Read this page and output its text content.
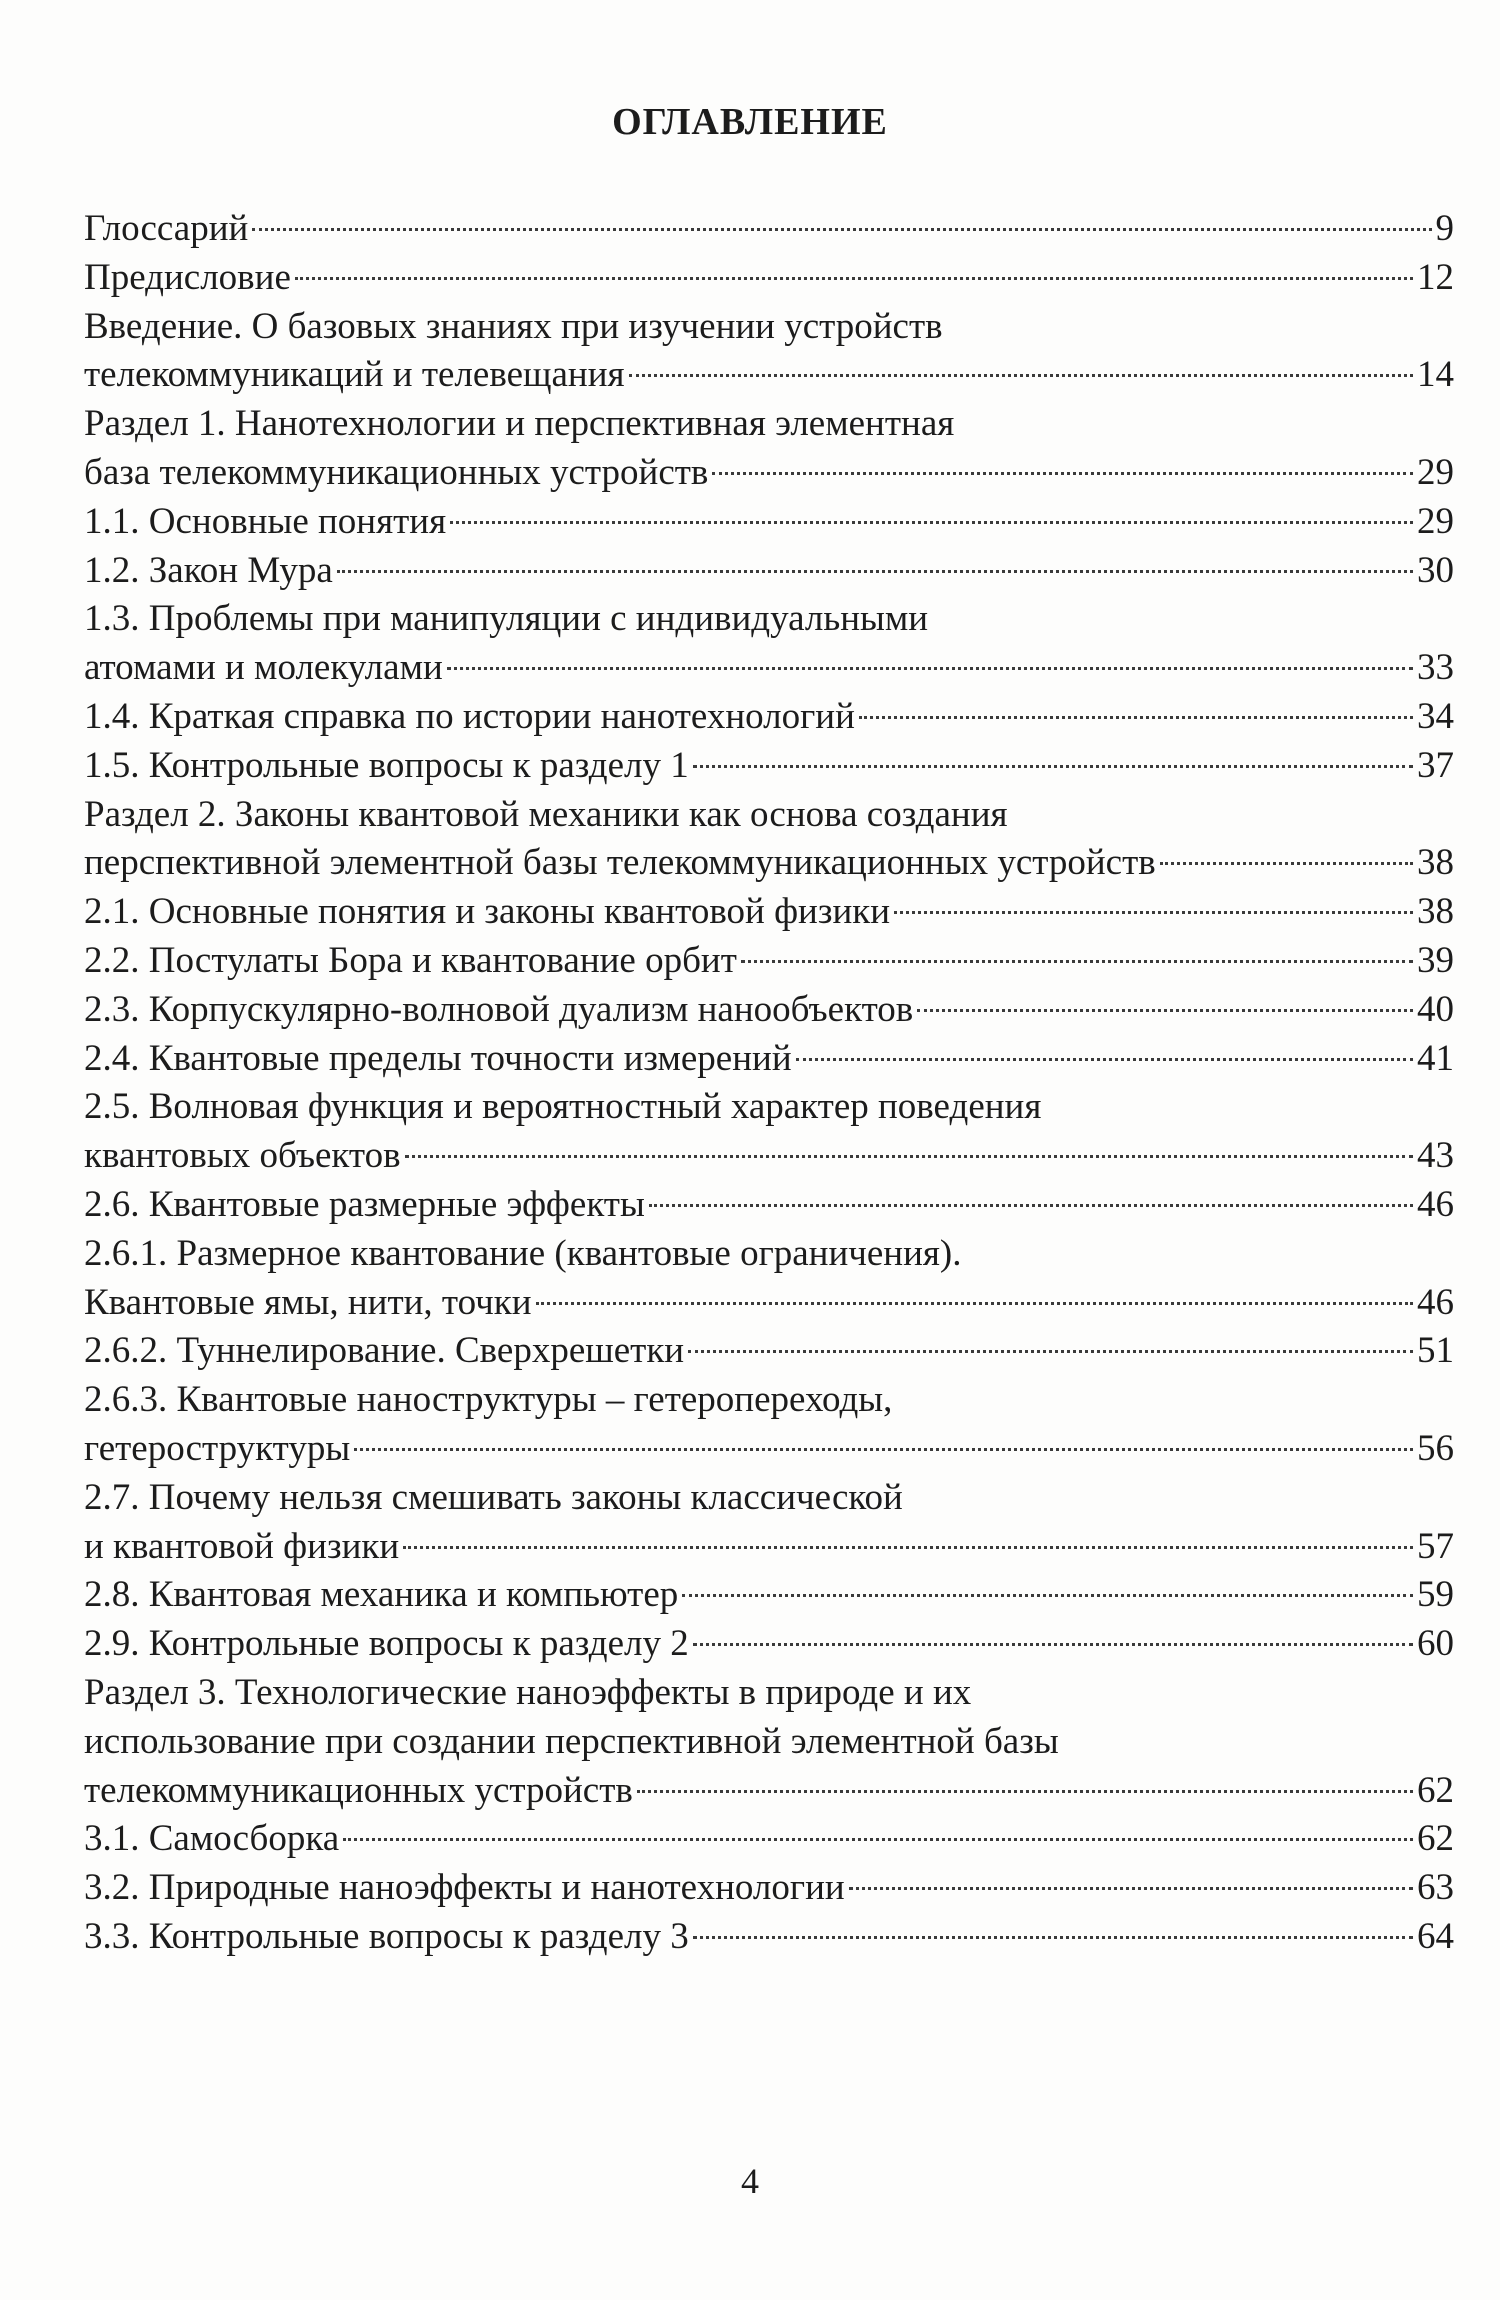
ОГЛАВЛЕНИЕ
Глоссарий	9
Предисловие	12
Введение. О базовых знаниях при изучении устройств
телекоммуникаций и телевещания	14
Раздел 1. Нанотехнологии и перспективная элементная
база телекоммуникационных устройств	29
1.1. Основные понятия	29
1.2. Закон Мура	30
1.3. Проблемы при манипуляции с индивидуальными
атомами и молекулами	33
1.4. Краткая справка по истории нанотехнологий	34
1.5. Контрольные вопросы к разделу 1	37
Раздел 2. Законы квантовой механики как основа создания
перспективной элементной базы телекоммуникационных устройств	38
2.1. Основные понятия и законы квантовой физики	38
2.2. Постулаты Бора и квантование орбит	39
2.3. Корпускулярно-волновой дуализм нанообъектов	40
2.4. Квантовые пределы точности измерений	41
2.5. Волновая функция и вероятностный характер поведения
квантовых объектов	43
2.6. Квантовые размерные эффекты	46
2.6.1. Размерное квантование (квантовые ограничения).
Квантовые ямы, нити, точки	46
2.6.2. Туннелирование. Сверхрешетки	51
2.6.3. Квантовые наноструктуры – гетеропереходы,
гетероструктуры	56
2.7. Почему нельзя смешивать законы классической
и квантовой физики	57
2.8. Квантовая механика и компьютер	59
2.9. Контрольные вопросы к разделу 2	60
Раздел 3. Технологические наноэффекты в природе и их
использование при создании перспективной элементной базы
телекоммуникационных устройств	62
3.1. Самосборка	62
3.2. Природные наноэффекты и нанотехнологии	63
3.3. Контрольные вопросы к разделу 3	64
4
